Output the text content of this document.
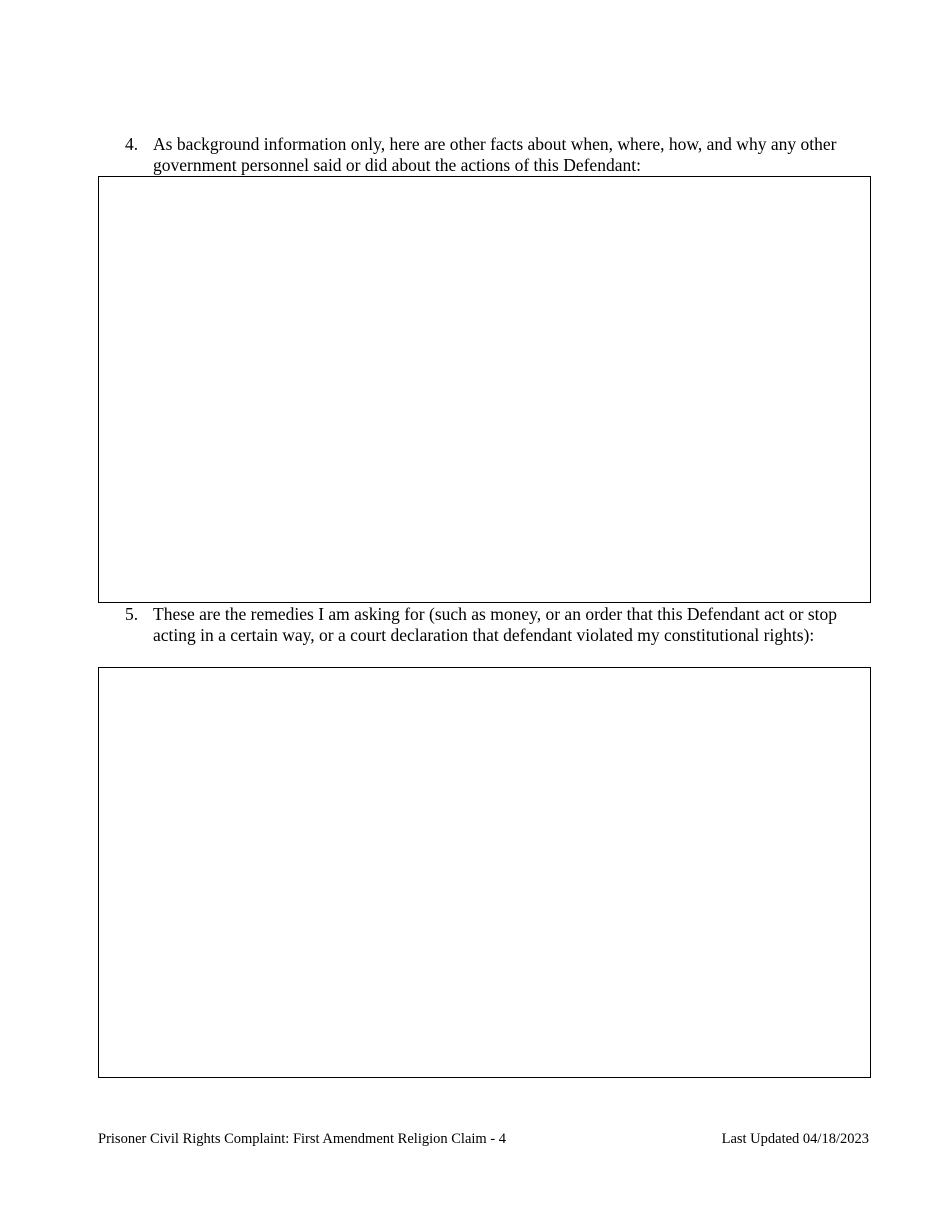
4. As background information only, here are other facts about when, where, how, and why any other government personnel said or did about the actions of this Defendant:
5. These are the remedies I am asking for (such as money, or an order that this Defendant act or stop acting in a certain way, or a court declaration that defendant violated my constitutional rights):
Prisoner Civil Rights Complaint: First Amendment Religion Claim - 4	Last Updated 04/18/2023
